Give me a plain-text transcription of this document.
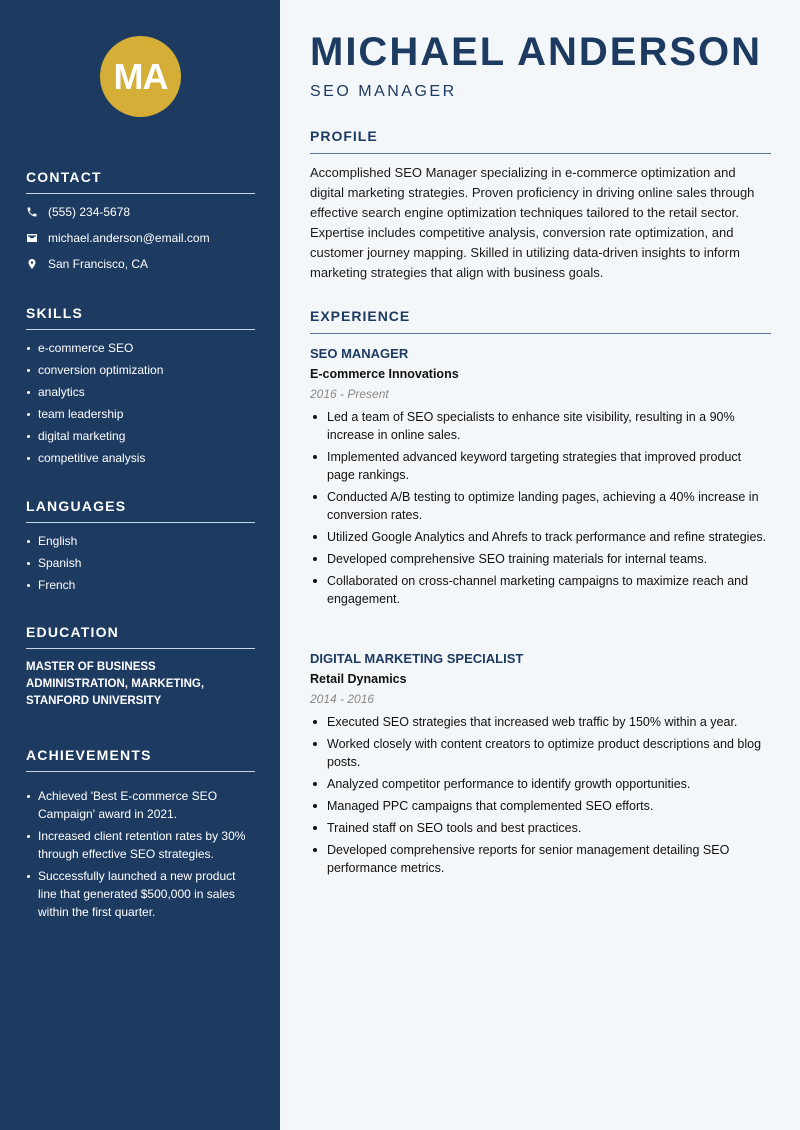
MA
CONTACT
(555) 234-5678
michael.anderson@email.com
San Francisco, CA
SKILLS
e-commerce SEO
conversion optimization
analytics
team leadership
digital marketing
competitive analysis
LANGUAGES
English
Spanish
French
EDUCATION
MASTER OF BUSINESS ADMINISTRATION, MARKETING, STANFORD UNIVERSITY
ACHIEVEMENTS
Achieved 'Best E-commerce SEO Campaign' award in 2021.
Increased client retention rates by 30% through effective SEO strategies.
Successfully launched a new product line that generated $500,000 in sales within the first quarter.
MICHAEL ANDERSON
SEO MANAGER
PROFILE
Accomplished SEO Manager specializing in e-commerce optimization and digital marketing strategies. Proven proficiency in driving online sales through effective search engine optimization techniques tailored to the retail sector. Expertise includes competitive analysis, conversion rate optimization, and customer journey mapping. Skilled in utilizing data-driven insights to inform marketing strategies that align with business goals.
EXPERIENCE
SEO MANAGER
E-commerce Innovations
2016 - Present
Led a team of SEO specialists to enhance site visibility, resulting in a 90% increase in online sales.
Implemented advanced keyword targeting strategies that improved product page rankings.
Conducted A/B testing to optimize landing pages, achieving a 40% increase in conversion rates.
Utilized Google Analytics and Ahrefs to track performance and refine strategies.
Developed comprehensive SEO training materials for internal teams.
Collaborated on cross-channel marketing campaigns to maximize reach and engagement.
DIGITAL MARKETING SPECIALIST
Retail Dynamics
2014 - 2016
Executed SEO strategies that increased web traffic by 150% within a year.
Worked closely with content creators to optimize product descriptions and blog posts.
Analyzed competitor performance to identify growth opportunities.
Managed PPC campaigns that complemented SEO efforts.
Trained staff on SEO tools and best practices.
Developed comprehensive reports for senior management detailing SEO performance metrics.
